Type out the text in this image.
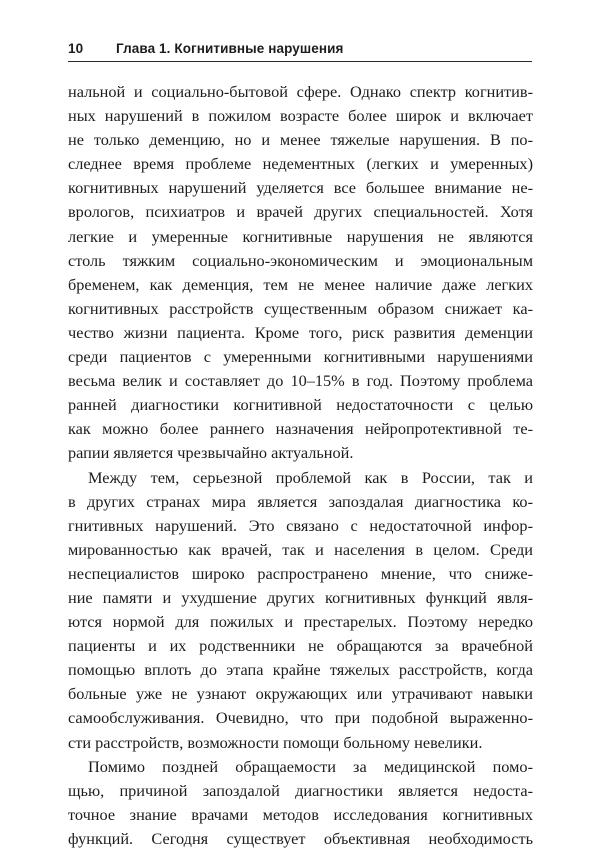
10 Глава 1. Когнитивные нарушения
нальной и социально-бытовой сфере. Однако спектр когнитив-
ных нарушений в пожилом возрасте более широк и включает
не только деменцию, но и менее тяжелые нарушения. В по-
следнее время проблеме недементных (легких и умеренных)
когнитивных нарушений уделяется все большее внимание не-
врологов, психиатров и врачей других специальностей. Хотя
легкие и умеренные когнитивные нарушения не являются
столь тяжким социально-экономическим и эмоциональным
бременем, как деменция, тем не менее наличие даже легких
когнитивных расстройств существенным образом снижает ка-
чество жизни пациента. Кроме того, риск развития деменции
среди пациентов с умеренными когнитивными нарушениями
весьма велик и составляет до 10–15% в год. Поэтому проблема
ранней диагностики когнитивной недостаточности с целью
как можно более раннего назначения нейропротективной те-
рапии является чрезвычайно актуальной.
Между тем, серьезной проблемой как в России, так и
в других странах мира является запоздалая диагностика ко-
гнитивных нарушений. Это связано с недостаточной инфор-
мированностью как врачей, так и населения в целом. Среди
неспециалистов широко распространено мнение, что сниже-
ние памяти и ухудшение других когнитивных функций явля-
ются нормой для пожилых и престарелых. Поэтому нередко
пациенты и их родственники не обращаются за врачебной
помощью вплоть до этапа крайне тяжелых расстройств, когда
больные уже не узнают окружающих или утрачивают навыки
самообслуживания. Очевидно, что при подобной выраженно-
сти расстройств, возможности помощи больному невелики.
Помимо поздней обращаемости за медицинской помо-
щью, причиной запоздалой диагностики является недоста-
точное знание врачами методов исследования когнитивных
функций. Сегодня существует объективная необходимость
